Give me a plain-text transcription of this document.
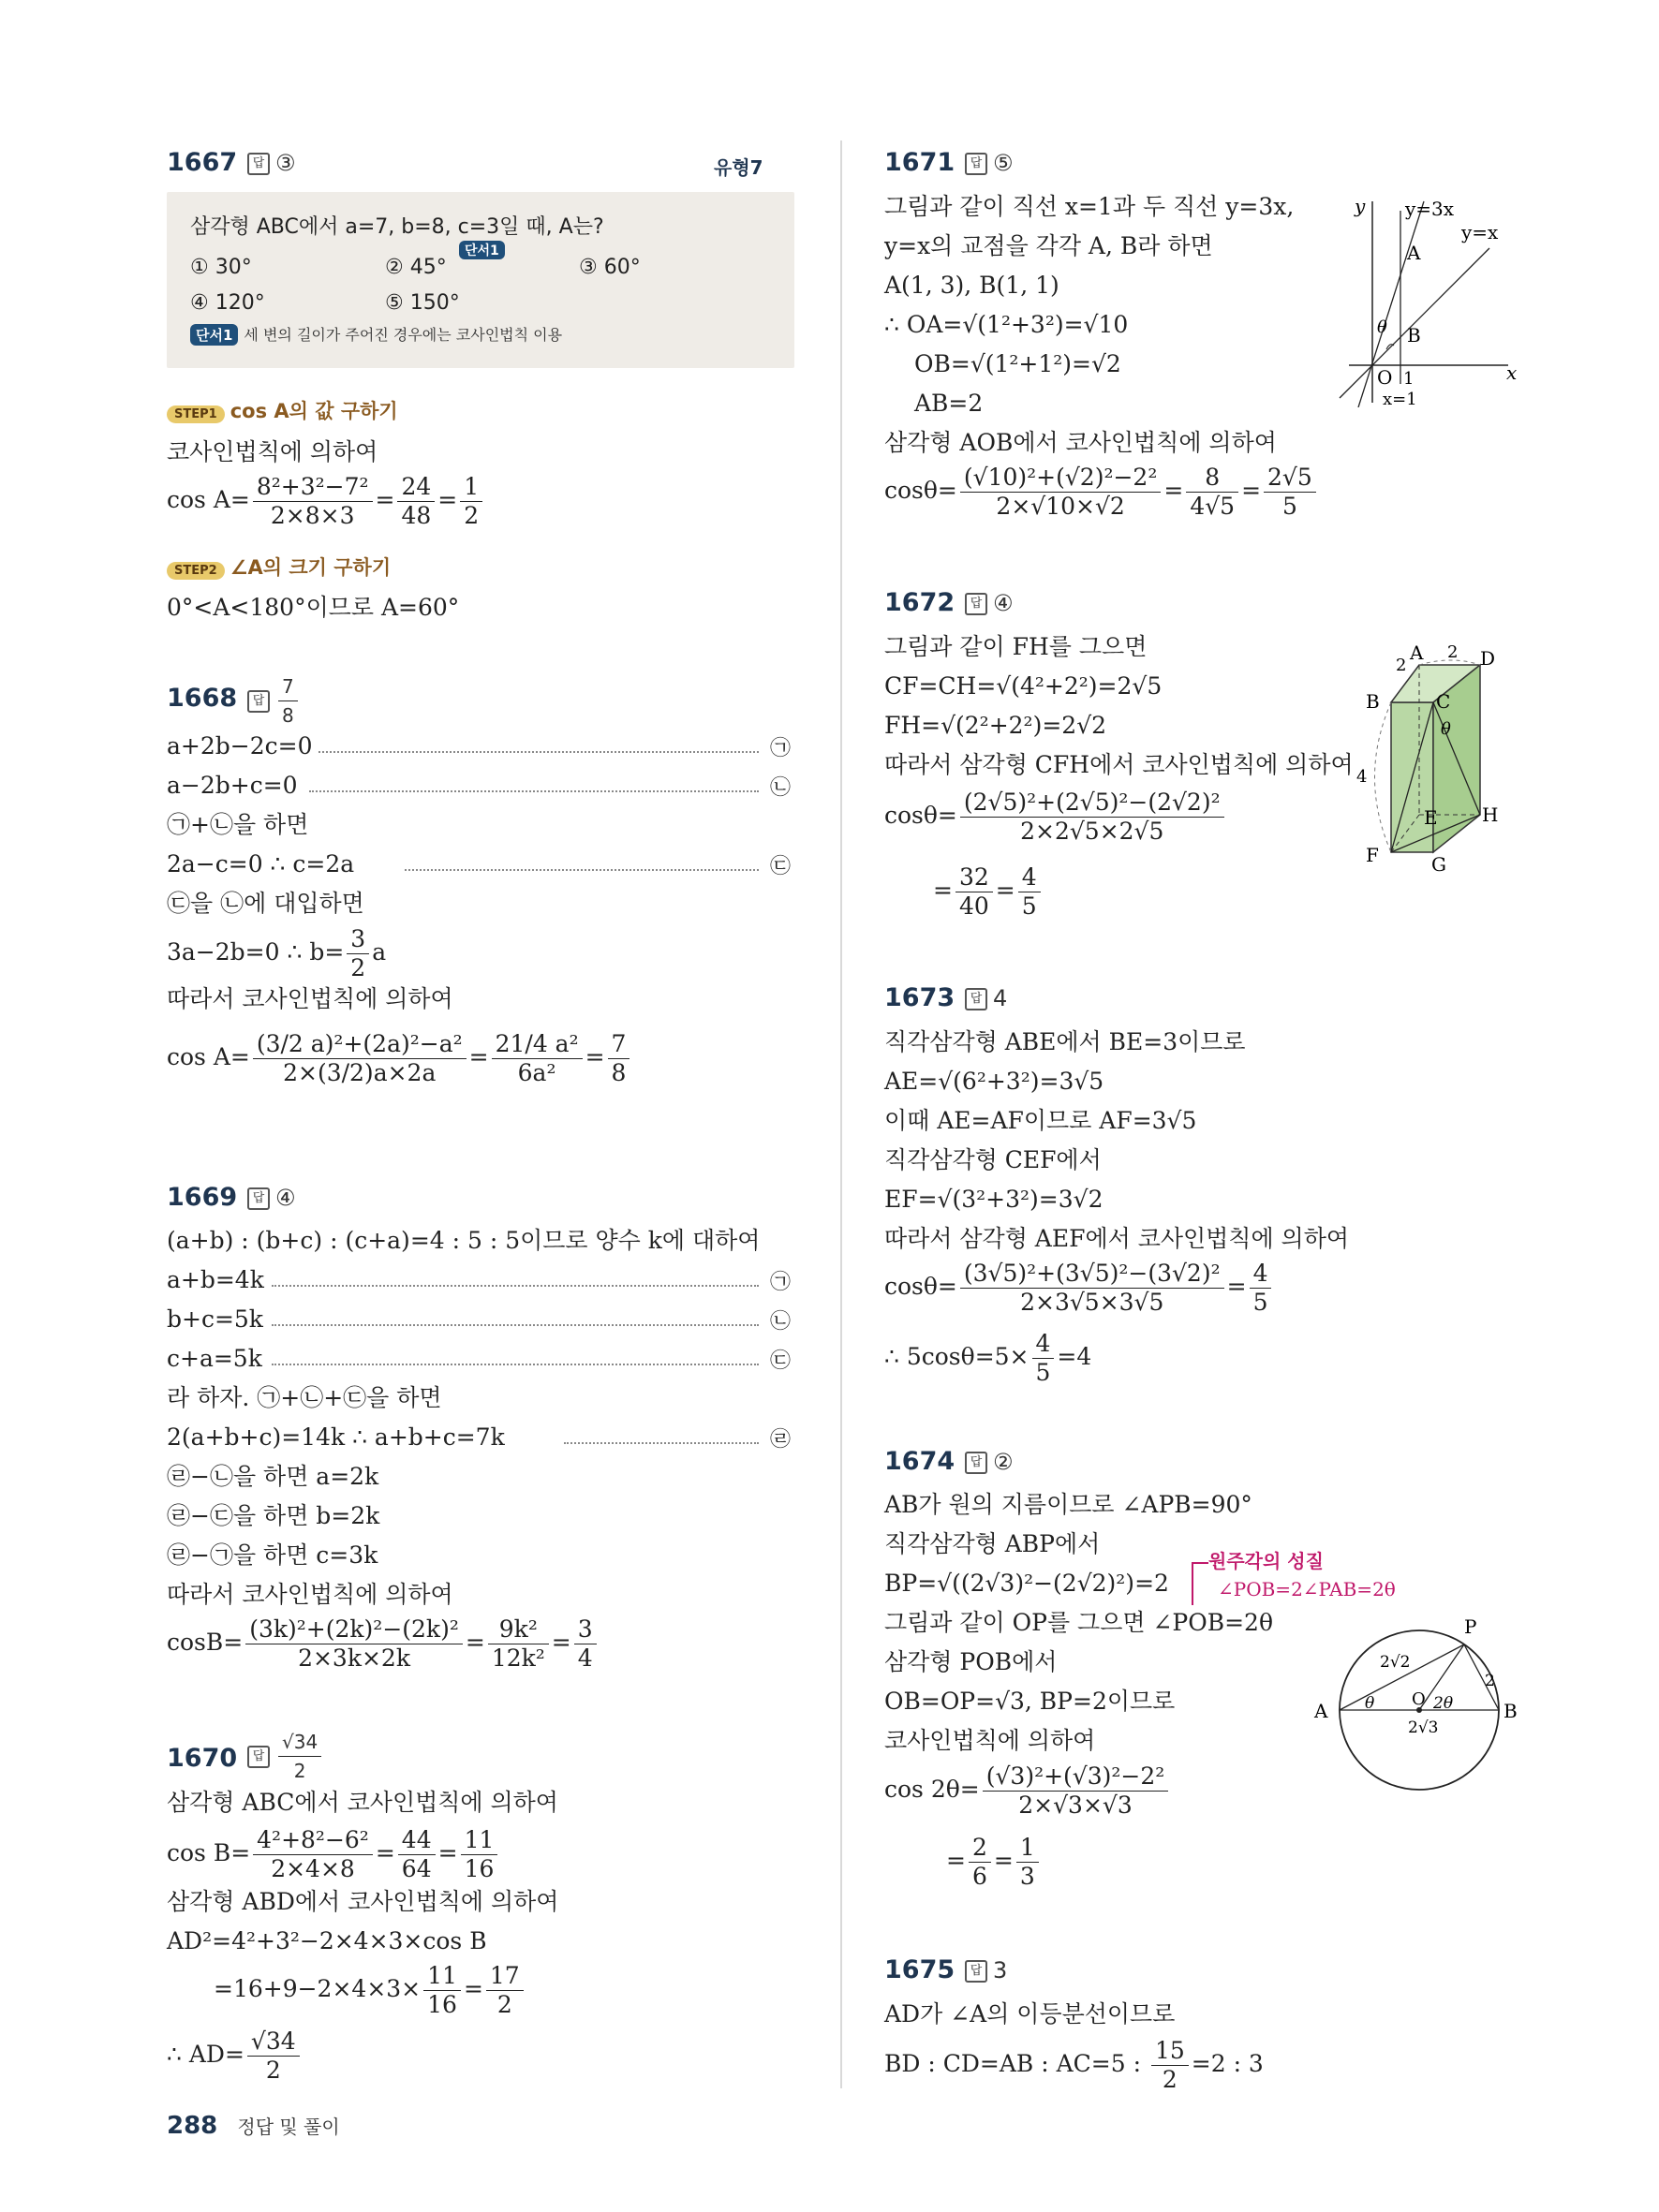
유형7
1667	답 ③
삼각형 ABC에서 a=7, b=8, c=3일 때, A는?
단서1
① 30°	② 45°	③ 60°
④ 120°	⑤ 150°
단서1 세 변의 길이가 주어진 경우에는 코사인법칙 이용
STEP1 cos A의 값 구하기
코사인법칙에 의하여
$\cos A= \frac{\text{8²+3²−7²}}{2\times 8\times 3} = \frac{24}{48} = \frac{1}{2}$
STEP2 ∠A의 크기 구하기
0°<A<180°이므로 A=60°
1668	답 $\frac{7}{8}$
a+2b−2c=0	㉠
a−2b+c=0	㉡
㉠+㉡을 하면
2a−c=0 ∴ c=2a	㉢
㉢을 ㉡에 대입하면
3a−2b=0 ∴ $b= \frac{3}{2}$ a
따라서 코사인법칙에 의하여
$\cos A= \frac{\text{(3/2 a)²+(2a)²−a²}}{2\times(3/2)a\times 2a} = \frac{\text{21/4 a²}}{\text{6a²}} = \frac{7}{8}$
1669	답 ④
(a+b) : (b+c) : (c+a)=4 : 5 : 5이므로 양수 k에 대하여
a+b=4k	㉠
b+c=5k	㉡
c+a=5k	㉢
라 하자. ㉠+㉡+㉢을 하면
2(a+b+c)=14k ∴ a+b+c=7k	㉣
㉣−㉡을 하면 a=2k
㉣−㉢을 하면 b=2k
㉣−㉠을 하면 c=3k
따라서 코사인법칙에 의하여
$\cos B= \frac{\text{(3k)²+(2k)²−(2k)²}}{2\times 3k\times 2k} = \frac{\text{9k²}}{\text{12k²}} = \frac{3}{4}$
1670	답 $\frac{√34}{2}$
삼각형 ABC에서 코사인법칙에 의하여
$\cos B= \frac{\text{4²+8²−6²}}{2\times 4\times 8} = \frac{44}{64} = \frac{11}{16}$
삼각형 ABD에서 코사인법칙에 의하여
AD²=4²+3²−2×4×3×cos B
$=16+9-2\times 4\times 3\times \frac{11}{16} = \frac{17}{2}$
∴ $AD= \frac{√34}{2}$
1671	답 ⑤
그림과 같이 직선 x=1과 두 직선 y=3x,
y=x의 교점을 각각 A, B라 하면
A(1, 3), B(1, 1)
∴ OA=√(1²+3²)=√10
OB=√(1²+1²)=√2
AB=2
삼각형 AOB에서 코사인법칙에 의하여
$\cos\theta= \frac{\text{(√10)²+(√2)²−2²}}{2\times√10\times√2} = \frac{8}{4√5} = \frac{2√5}{5}$
y
x
y=3x
y=x
A
B
O 1
x=1
θ
1672	답 ④
그림과 같이 FH를 그으면
CF=CH=√(4²+2²)=2√5
FH=√(2²+2²)=2√2
따라서 삼각형 CFH에서 코사인법칙에 의하여
$\cos\theta= \frac{\text{(2√5)²+(2√5)²−(2√2)²}}{2\times 2√5\times 2√5}$
= $\frac{32}{40} = \frac{4}{5}$
A	D
B	C
2
2
4
E H
F	G
θ
1673	답 4
직각삼각형 ABE에서 BE=3이므로
AE=√(6²+3²)=3√5
이때 AE=AF이므로 AF=3√5
직각삼각형 CEF에서
EF=√(3²+3²)=3√2
따라서 삼각형 AEF에서 코사인법칙에 의하여
$\cos\theta= \frac{\text{(3√5)²+(3√5)²−(3√2)²}}{2\times 3√5\times 3√5} = \frac{4}{5}$
∴ $5\cos\theta=5\times \frac{4}{5} =4$
1674	답 ②
AB가 원의 지름이므로 ∠APB=90°
직각삼각형 ABP에서
BP=√((2√3)²−(2√2)²)=2
원주각의 성질
∠POB=2∠PAB=2θ
그림과 같이 OP를 그으면 ∠POB=2θ
삼각형 POB에서
OB=OP=√3, BP=2이므로
코사인법칙에 의하여
$\cos 2\theta= \frac{\text{(√3)²+(√3)²−2²}}{2\times√3\times√3}$
= $\frac{2}{6} = \frac{1}{3}$
P
A	B
O
2√2
2
2√3
θ	2θ
1675	답 3
AD가 ∠A의 이등분선이므로
BD : CD=AB : AC=5 : $\frac{15}{2} =2$ : 3
288 정답 및 풀이
